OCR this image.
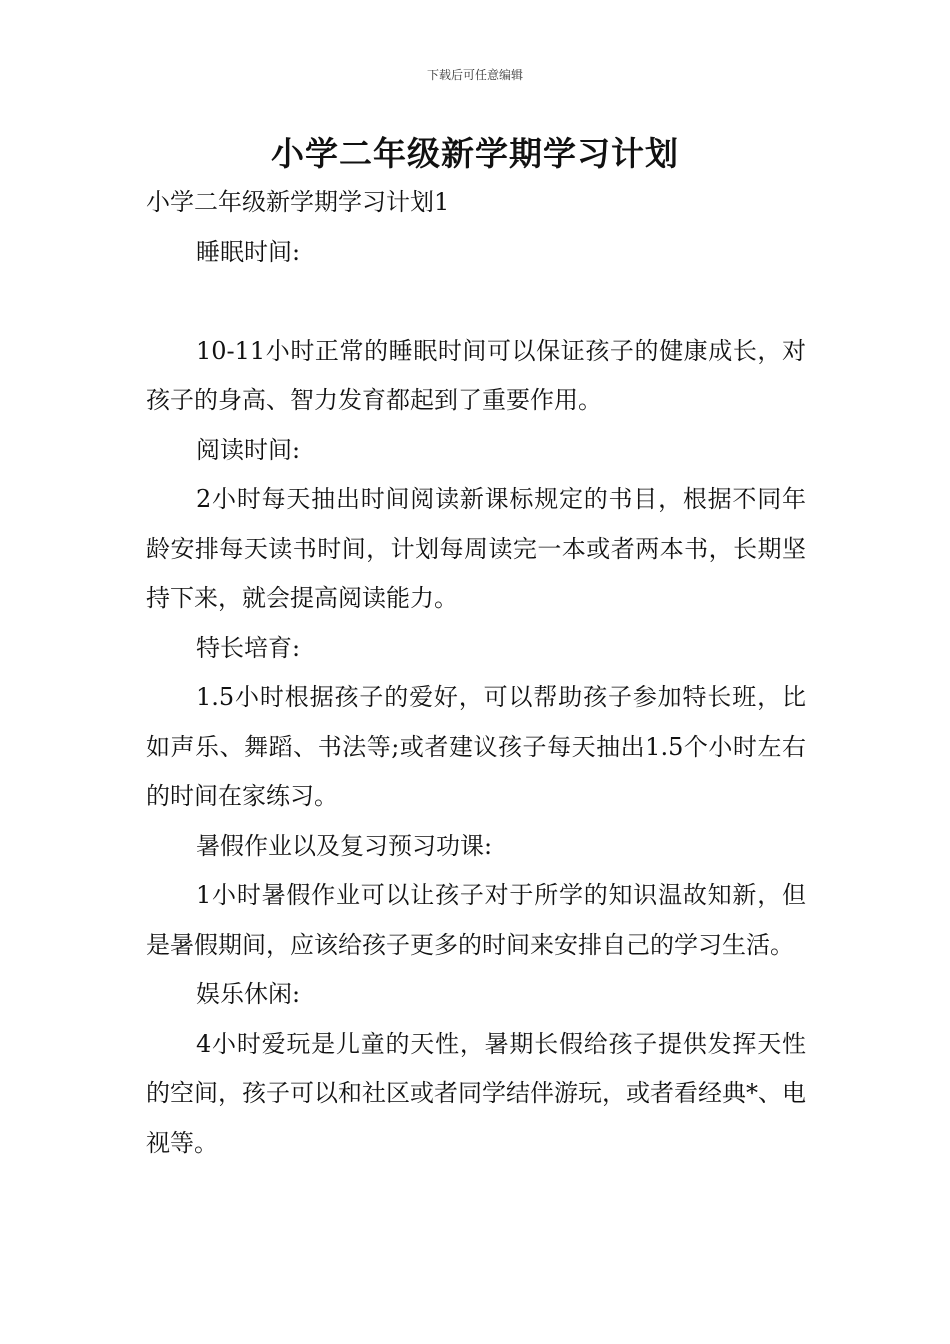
下载后可任意编辑
小学二年级新学期学习计划

小学二年级新学期学习计划1

睡眠时间:

10-11小时正常的睡眠时间可以保证孩子的健康成长，对孩子的身高、智力发育都起到了重要作用。

阅读时间:

2小时每天抽出时间阅读新课标规定的书目，根据不同年龄安排每天读书时间，计划每周读完一本或者两本书，长期坚持下来，就会提高阅读能力。

特长培育:

1.5小时根据孩子的爱好，可以帮助孩子参加特长班，比如声乐、舞蹈、书法等;或者建议孩子每天抽出1.5个小时左右的时间在家练习。

暑假作业以及复习预习功课:

1小时暑假作业可以让孩子对于所学的知识温故知新，但是暑假期间，应该给孩子更多的时间来安排自己的学习生活。

娱乐休闲:

4小时爱玩是儿童的天性，暑期长假给孩子提供发挥天性的空间，孩子可以和社区或者同学结伴游玩，或者看经典*、电视等。
